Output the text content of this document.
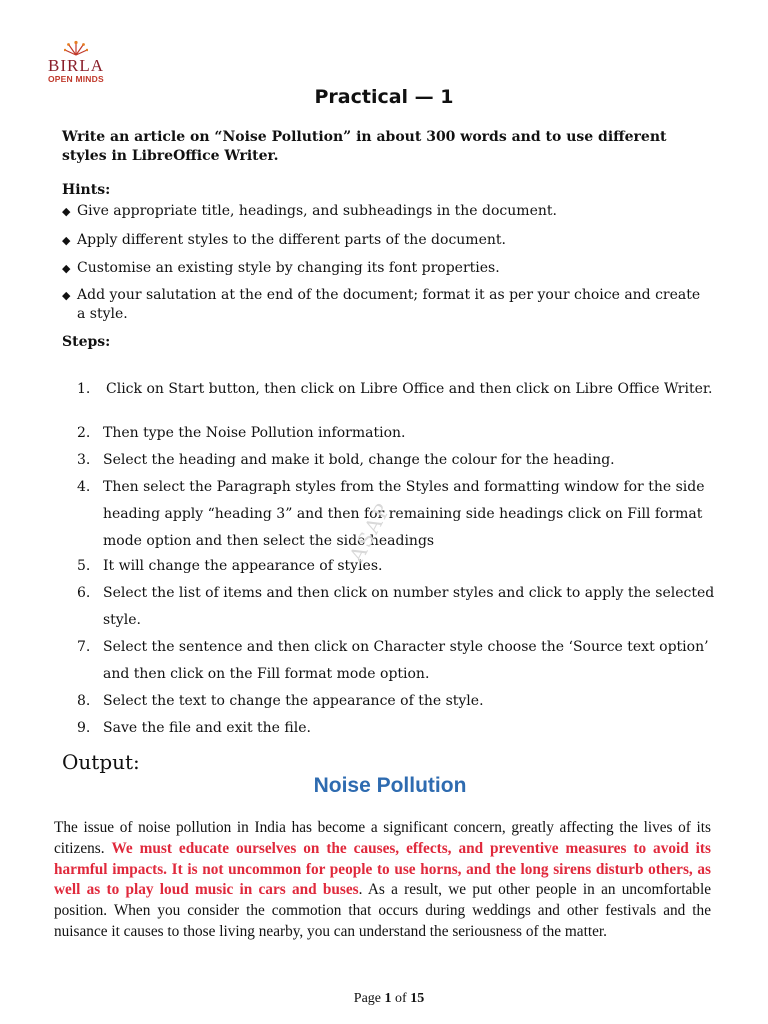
BIRLA
OPEN MINDS
Practical — 1
Write an article on “Noise Pollution” in about 300 words and to use different styles in LibreOffice Writer.
Hints:
◆ Give appropriate title, headings, and subheadings in the document.
◆ Apply different styles to the different parts of the document.
◆ Customise an existing style by changing its font properties.
◆ Add your salutation at the end of the document; format it as per your choice and create a style.
Steps:
1.	Click on Start button, then click on Libre Office and then click on Libre Office Writer.
2. Then type the Noise Pollution information.
3. Select the heading and make it bold, change the colour for the heading.
4. Then select the Paragraph styles from the Styles and formatting window for the side heading apply “heading 3” and then for remaining side headings click on Fill format mode option and then select the side headings
5. It will change the appearance of styles.
6. Select the list of items and then click on number styles and click to apply the selected style.
7. Select the sentence and then click on Character style choose the ‘Source text option’ and then click on the Fill format mode option.
8. Select the text to change the appearance of the style.
9. Save the file and exit the file.
ASAP
Output:
Noise Pollution
The issue of noise pollution in India has become a significant concern, greatly affecting the lives of its citizens. We must educate ourselves on the causes, effects, and preventive measures to avoid its harmful impacts. It is not uncommon for people to use horns, and the long sirens disturb others, as well as to play loud music in cars and buses. As a result, we put other people in an uncomfortable position. When you consider the commotion that occurs during weddings and other festivals and the nuisance it causes to those living nearby, you can understand the seriousness of the matter.
Page 1 of 15
